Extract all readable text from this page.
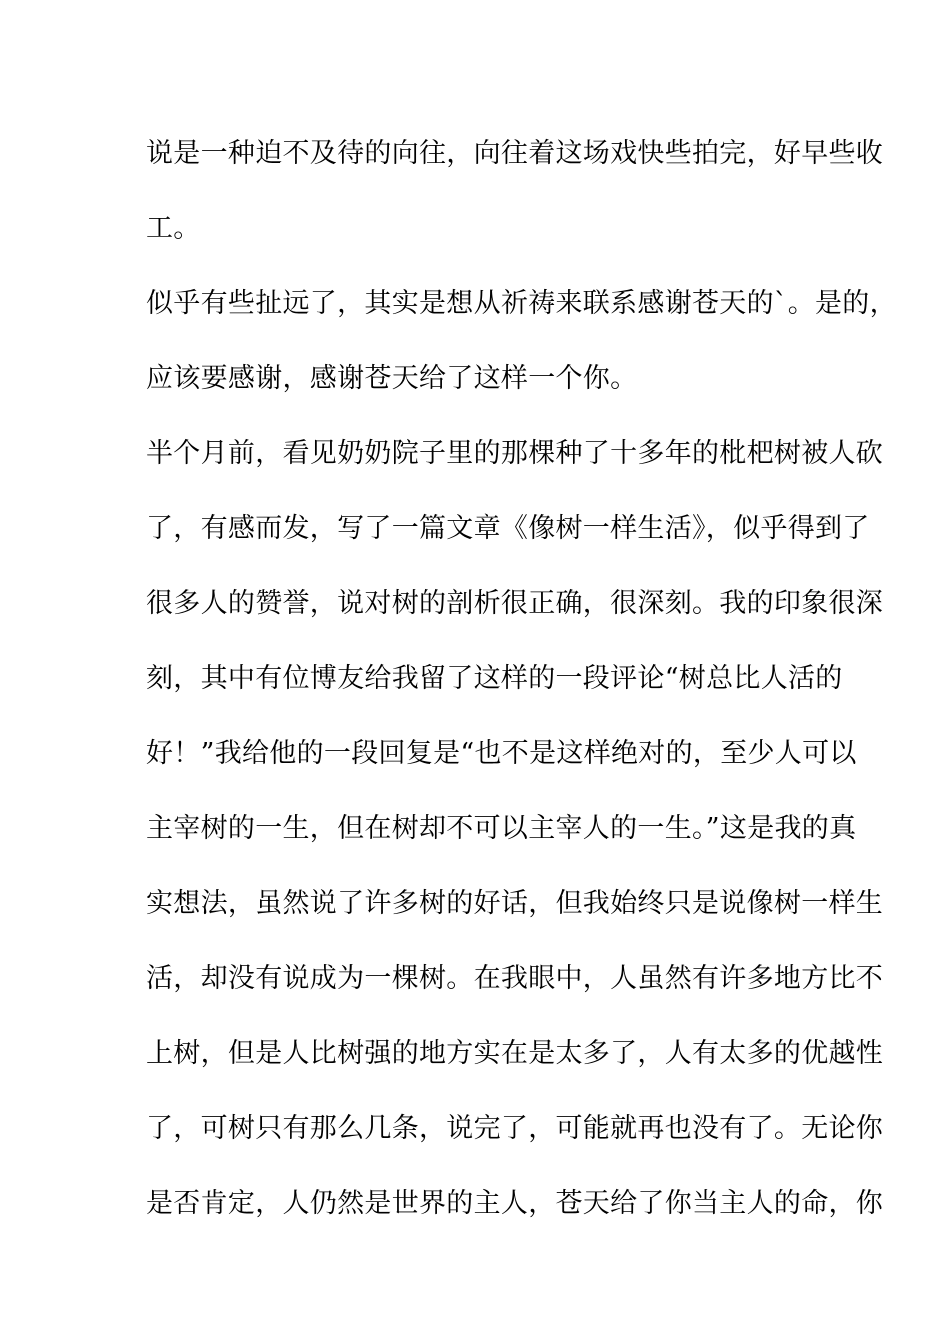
说是一种迫不及待的向往，向往着这场戏快些拍完，好早些收
工。
似乎有些扯远了，其实是想从祈祷来联系感谢苍天的`。是的，
应该要感谢，感谢苍天给了这样一个你。
半个月前，看见奶奶院子里的那棵种了十多年的枇杷树被人砍
了，有感而发，写了一篇文章《像树一样生活》，似乎得到了
很多人的赞誉，说对树的剖析很正确，很深刻。我的印象很深
刻，其中有位博友给我留了这样的一段评论“树总比人活的
好！”我给他的一段回复是“也不是这样绝对的，至少人可以
主宰树的一生，但在树却不可以主宰人的一生。”这是我的真
实想法，虽然说了许多树的好话，但我始终只是说像树一样生
活，却没有说成为一棵树。在我眼中，人虽然有许多地方比不
上树，但是人比树强的地方实在是太多了，人有太多的优越性
了，可树只有那么几条，说完了，可能就再也没有了。无论你
是否肯定，人仍然是世界的主人，苍天给了你当主人的命，你
